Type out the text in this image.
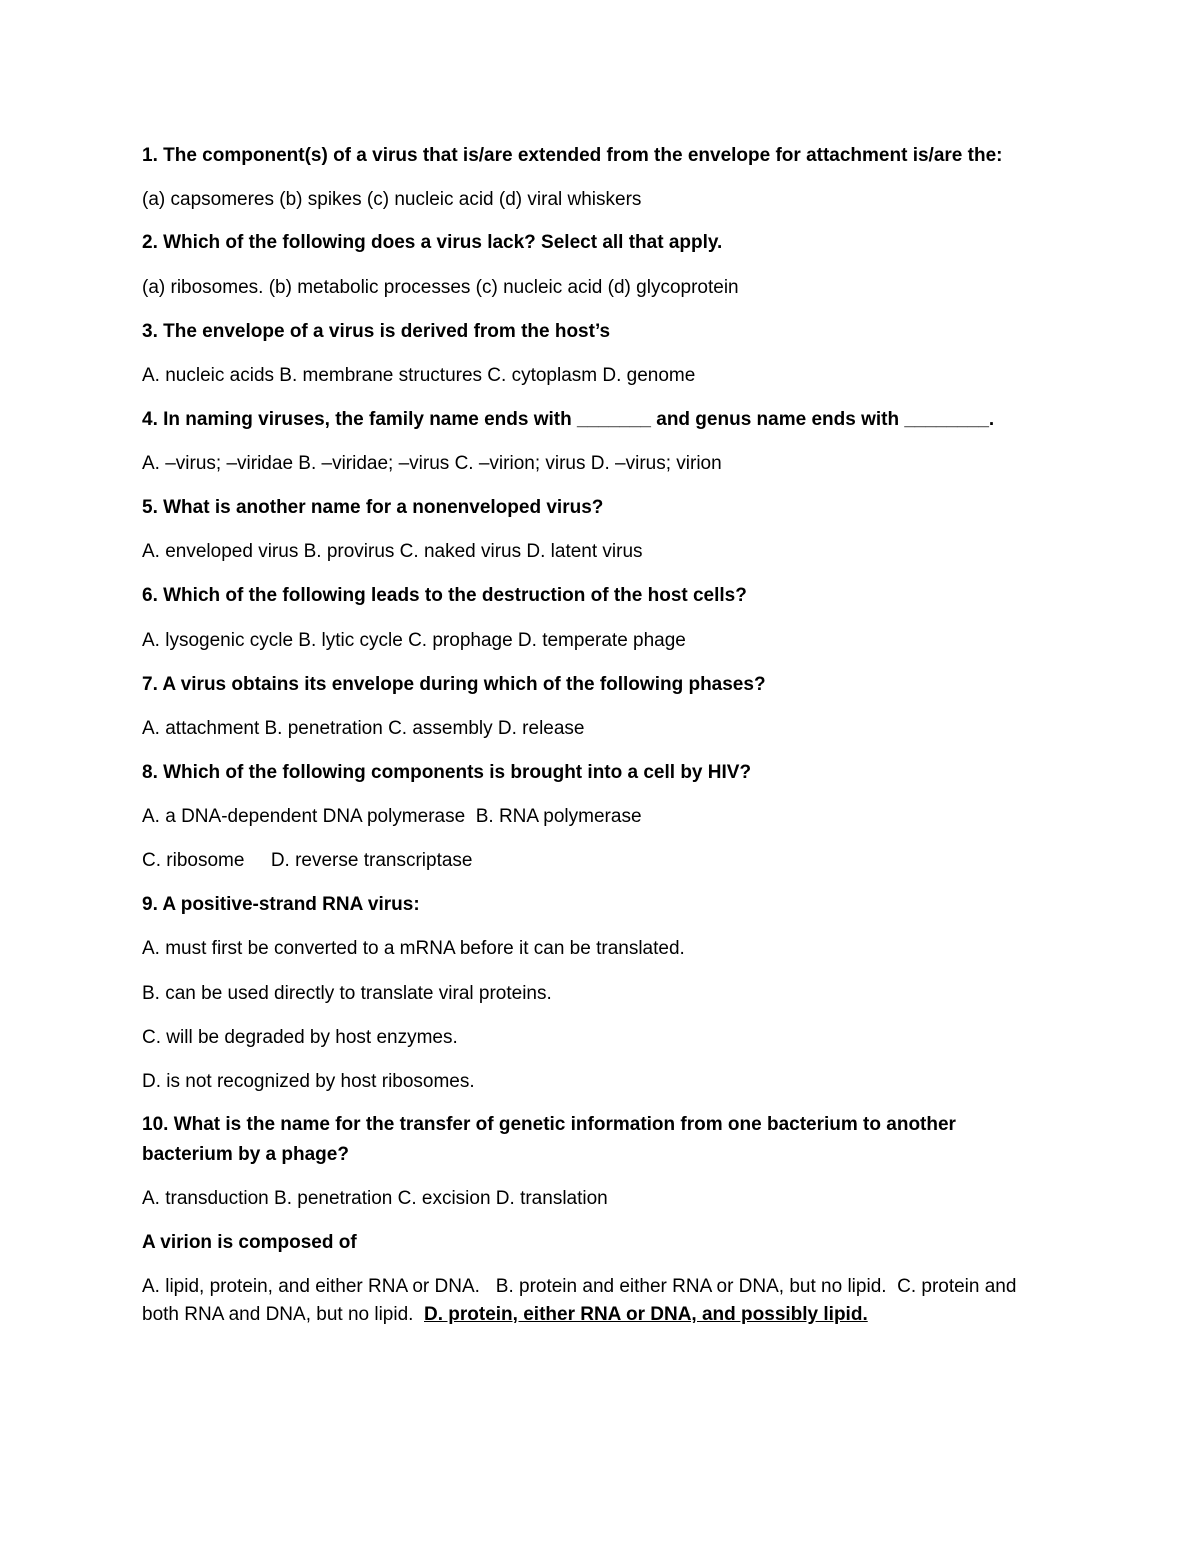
1. The component(s) of a virus that is/are extended from the envelope for attachment is/are the:
(a) capsomeres (b) spikes (c) nucleic acid (d) viral whiskers
2. Which of the following does a virus lack? Select all that apply.
(a) ribosomes. (b) metabolic processes (c) nucleic acid (d) glycoprotein
3. The envelope of a virus is derived from the host’s
A. nucleic acids B. membrane structures C. cytoplasm D. genome
4. In naming viruses, the family name ends with _______ and genus name ends with ________.
A. –virus; –viridae B. –viridae; –virus C. –virion; virus D. –virus; virion
5. What is another name for a nonenveloped virus?
A. enveloped virus B. provirus C. naked virus D. latent virus
6. Which of the following leads to the destruction of the host cells?
A. lysogenic cycle B. lytic cycle C. prophage D. temperate phage
7. A virus obtains its envelope during which of the following phases?
A. attachment B. penetration C. assembly D. release
8. Which of the following components is brought into a cell by HIV?
A. a DNA-dependent DNA polymerase  B. RNA polymerase
C. ribosome     D. reverse transcriptase
9. A positive-strand RNA virus:
A. must first be converted to a mRNA before it can be translated.
B. can be used directly to translate viral proteins.
C. will be degraded by host enzymes.
D. is not recognized by host ribosomes.
10. What is the name for the transfer of genetic information from one bacterium to another
bacterium by a phage?
A. transduction B. penetration C. excision D. translation
A virion is composed of
A. lipid, protein, and either RNA or DNA.   B. protein and either RNA or DNA, but no lipid.  C. protein and
both RNA and DNA, but no lipid. D. protein, either RNA or DNA, and possibly lipid.
